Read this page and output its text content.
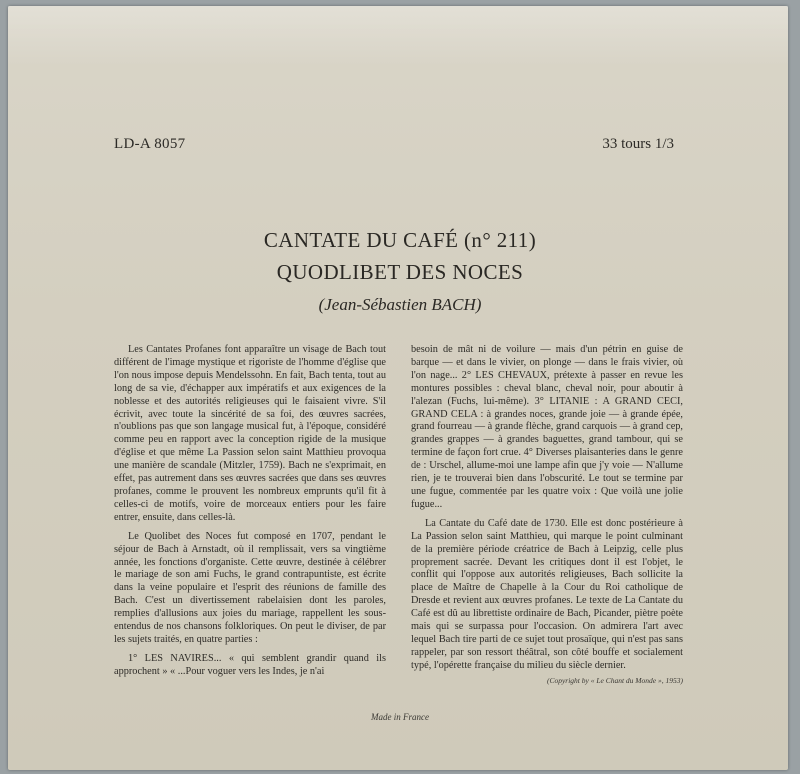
LD-A 8057	33 tours 1/3
CANTATE DU CAFÉ (n° 211)
QUODLIBET DES NOCES
(Jean-Sébastien BACH)

Les Cantates Profanes font apparaître un visage de Bach tout différent de l'image mystique et rigoriste de l'homme d'église que l'on nous impose depuis Mendelssohn. En fait, Bach tenta, tout au long de sa vie, d'échapper aux impératifs et aux exigences de la noblesse et des autorités religieuses qui le faisaient vivre. S'il écrivit, avec toute la sincérité de sa foi, des œuvres sacrées, n'oublions pas que son langage musical fut, à l'époque, considéré comme peu en rapport avec la conception rigide de la musique d'église et que même La Passion selon saint Matthieu provoqua une manière de scandale (Mitzler, 1759). Bach ne s'exprimait, en effet, pas autrement dans ses œuvres sacrées que dans ses œuvres profanes, comme le prouvent les nombreux emprunts qu'il fit à celles-ci de motifs, voire de morceaux entiers pour les faire entrer, ensuite, dans celles-là.

Le Quolibet des Noces fut composé en 1707, pendant le séjour de Bach à Arnstadt, où il remplissait, vers sa vingtième année, les fonctions d'organiste. Cette œuvre, destinée à célébrer le mariage de son ami Fuchs, le grand contrapuntiste, est écrite dans la veine populaire et l'esprit des réunions de famille des Bach. C'est un divertissement rabelaisien dont les paroles, remplies d'allusions aux joies du mariage, rappellent les sous-entendus de nos chansons folkloriques. On peut le diviser, de par les sujets traités, en quatre parties :

1° LES NAVIRES... « qui semblent grandir quand ils approchent » « ...Pour voguer vers les Indes, je n'ai

besoin de mât ni de voilure — mais d'un pétrin en guise de barque — et dans le vivier, on plonge — dans le frais vivier, où l'on nage... 2° LES CHEVAUX, prétexte à passer en revue les montures possibles : cheval blanc, cheval noir, pour aboutir à l'alezan (Fuchs, lui-même). 3° LITANIE : A GRAND CECI, GRAND CELA : à grandes noces, grande joie — à grande épée, grand fourreau — à grande flèche, grand carquois — à grand cep, grandes grappes — à grandes baguettes, grand tambour, qui se termine de façon fort crue. 4° Diverses plaisanteries dans le genre de : Urschel, allume-moi une lampe afin que j'y voie — N'allume rien, je te trouverai bien dans l'obscurité. Le tout se termine par une fugue, commentée par les quatre voix : Que voilà une jolie fugue...

La Cantate du Café date de 1730. Elle est donc postérieure à La Passion selon saint Matthieu, qui marque le point culminant de la première période créatrice de Bach à Leipzig, celle plus proprement sacrée. Devant les critiques dont il est l'objet, le conflit qui l'oppose aux autorités religieuses, Bach sollicite la place de Maître de Chapelle à la Cour du Roi catholique de Dresde et revient aux œuvres profanes. Le texte de La Cantate du Café est dû au librettiste ordinaire de Bach, Picander, piètre poète mais qui se surpassa pour l'occasion. On admirera l'art avec lequel Bach tire parti de ce sujet tout prosaïque, qui n'est pas sans rappeler, par son ressort théâtral, son côté bouffe et socialement typé, l'opérette française du milieu du siècle dernier.

(Copyright by « Le Chant du Monde », 1953)
Made in France
